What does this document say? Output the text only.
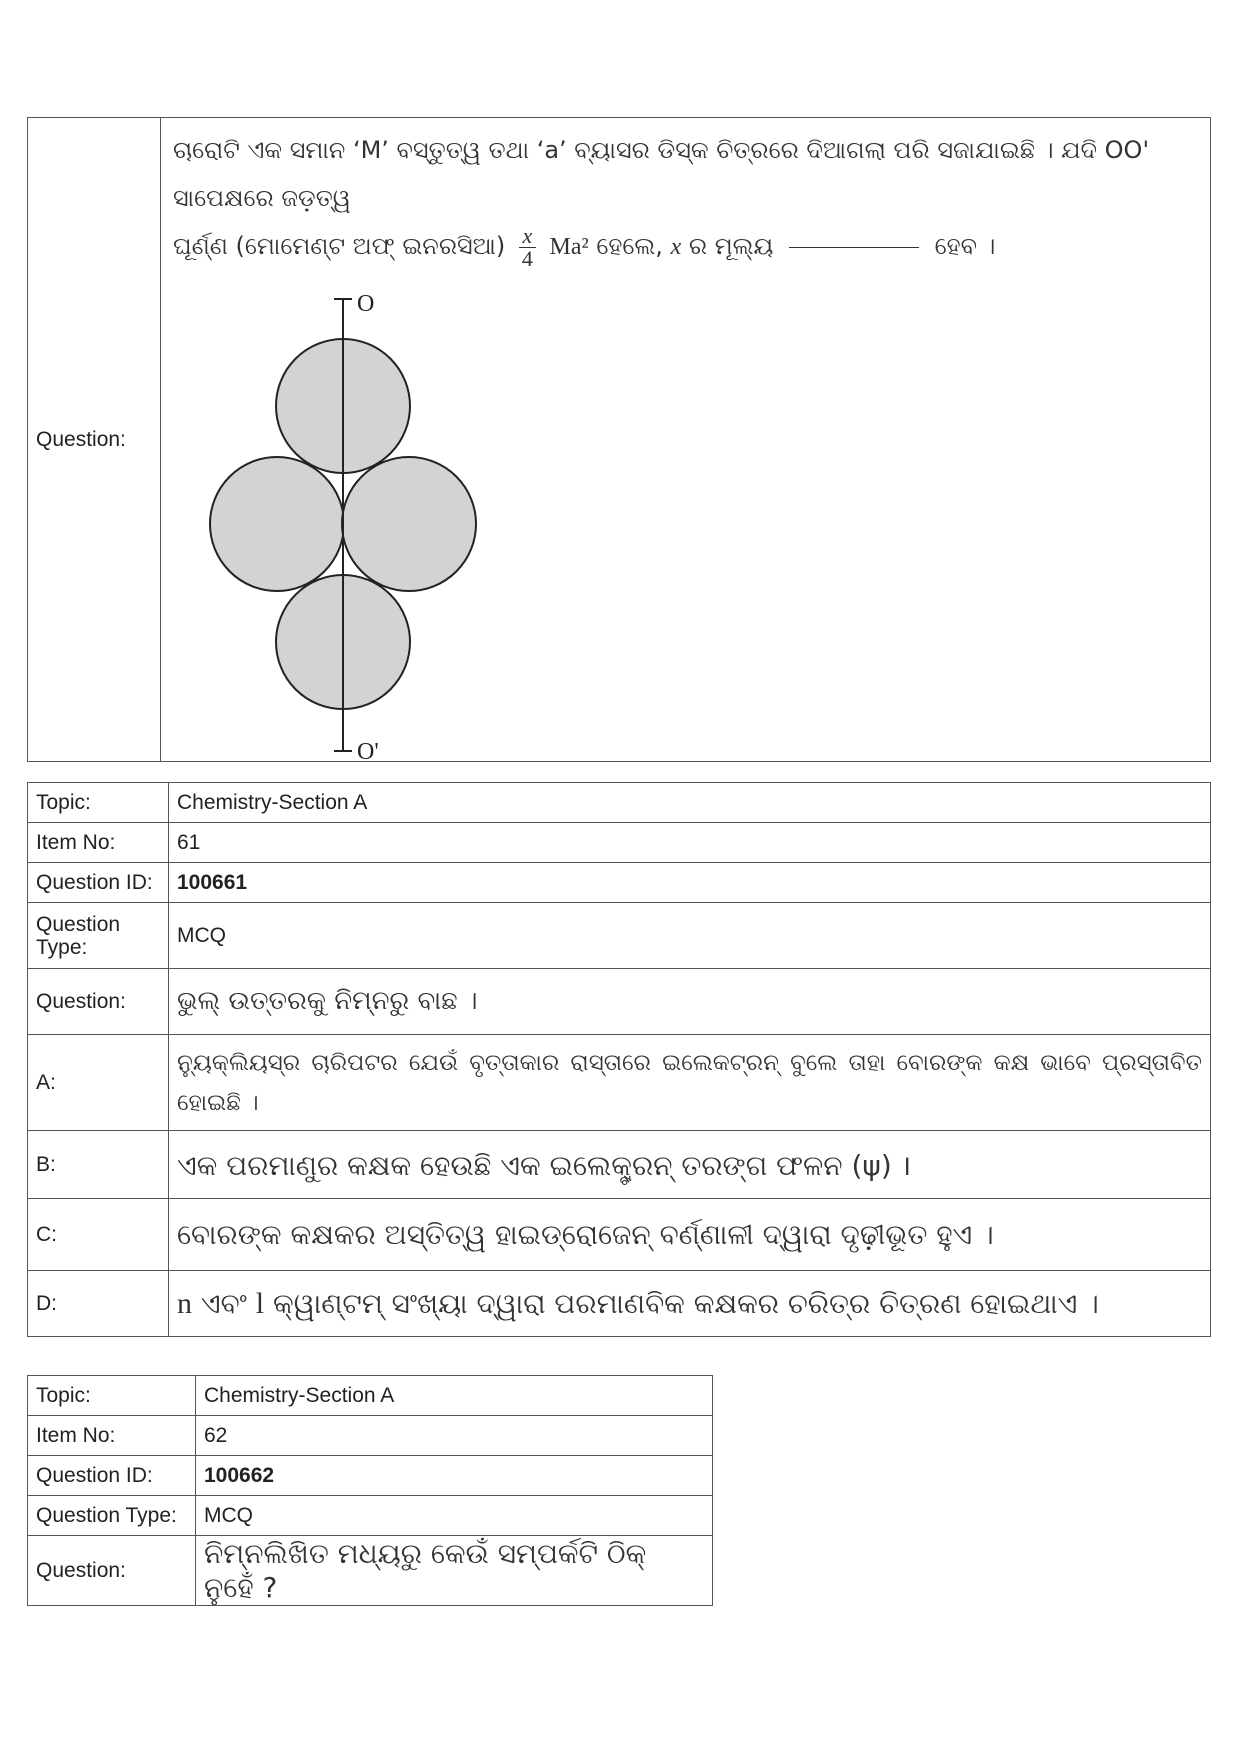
Question:	
ଚାରୋଟି ଏକ ସମାନ ‘M’ ବସ୍ତୁତ୍ୱ ତଥା ‘a’ ବ୍ୟାସର ଡିସ୍କ ଚିତ୍ରରେ ଦିଆଗଲା ପରି ସଜାଯାଇଛି । ଯଦି OO' ସାପେକ୍ଷରେ ଜଡ଼ତ୍ୱ
ଘୂର୍ଣ୍ଣ (ମୋମେଣ୍ଟ ଅଫ୍ ଇନରସିଆ) $\frac{x}{4} Ma^2$ ହେଲେ, x ର ମୂଲ୍ୟ	ହେବ ।
O
O'
Topic:	Chemistry-Section A
Item No:	61
Question ID:	100661
Question Type:	MCQ
Question:	ଭୁଲ୍ ଉତ୍ତରକୁ ନିମ୍ନରୁ ବାଛ ।
A:	ନ୍ୟୁକ୍ଲିୟସ୍‌ର ଚାରିପଟର ଯେଉଁ ବୃତ୍ତାକାର ରାସ୍ତାରେ ଇଲେକଟ୍ରନ୍ ବୁଲେ ତାହା ବୋରଙ୍କ କକ୍ଷ ଭାବେ ପ୍ରସ୍ତାବିତ ହୋଇଛି ।
B:	ଏକ ପରମାଣୁର କକ୍ଷକ ହେଉଛି ଏକ ଇଲେକ୍ଟ୍ରନ୍ ତରଙ୍ଗ ଫଳନ (ψ) ।
C:	ବୋରଙ୍କ କକ୍ଷକର ଅସ୍ତିତ୍ୱ ହାଇଡ୍ରୋଜେନ୍ ବର୍ଣ୍ଣାଳୀ ଦ୍ୱାରା ଦୃଢ଼ୀଭୂତ ହୁଏ ।
D:	n ଏବଂ l କ୍ୱାଣ୍ଟମ୍ ସଂଖ୍ୟା ଦ୍ୱାରା ପରମାଣବିକ କକ୍ଷକର ଚରିତ୍ର ଚିତ୍ରଣ ହୋଇଥାଏ ।
Topic:	Chemistry-Section A
Item No:	62
Question ID:	100662
Question Type:	MCQ
Question:	ନିମ୍ନଲିଖିତ ମଧ୍ୟରୁ କେଉଁ ସମ୍ପର୍କଟି ଠିକ୍ ନୁହେଁ ?
